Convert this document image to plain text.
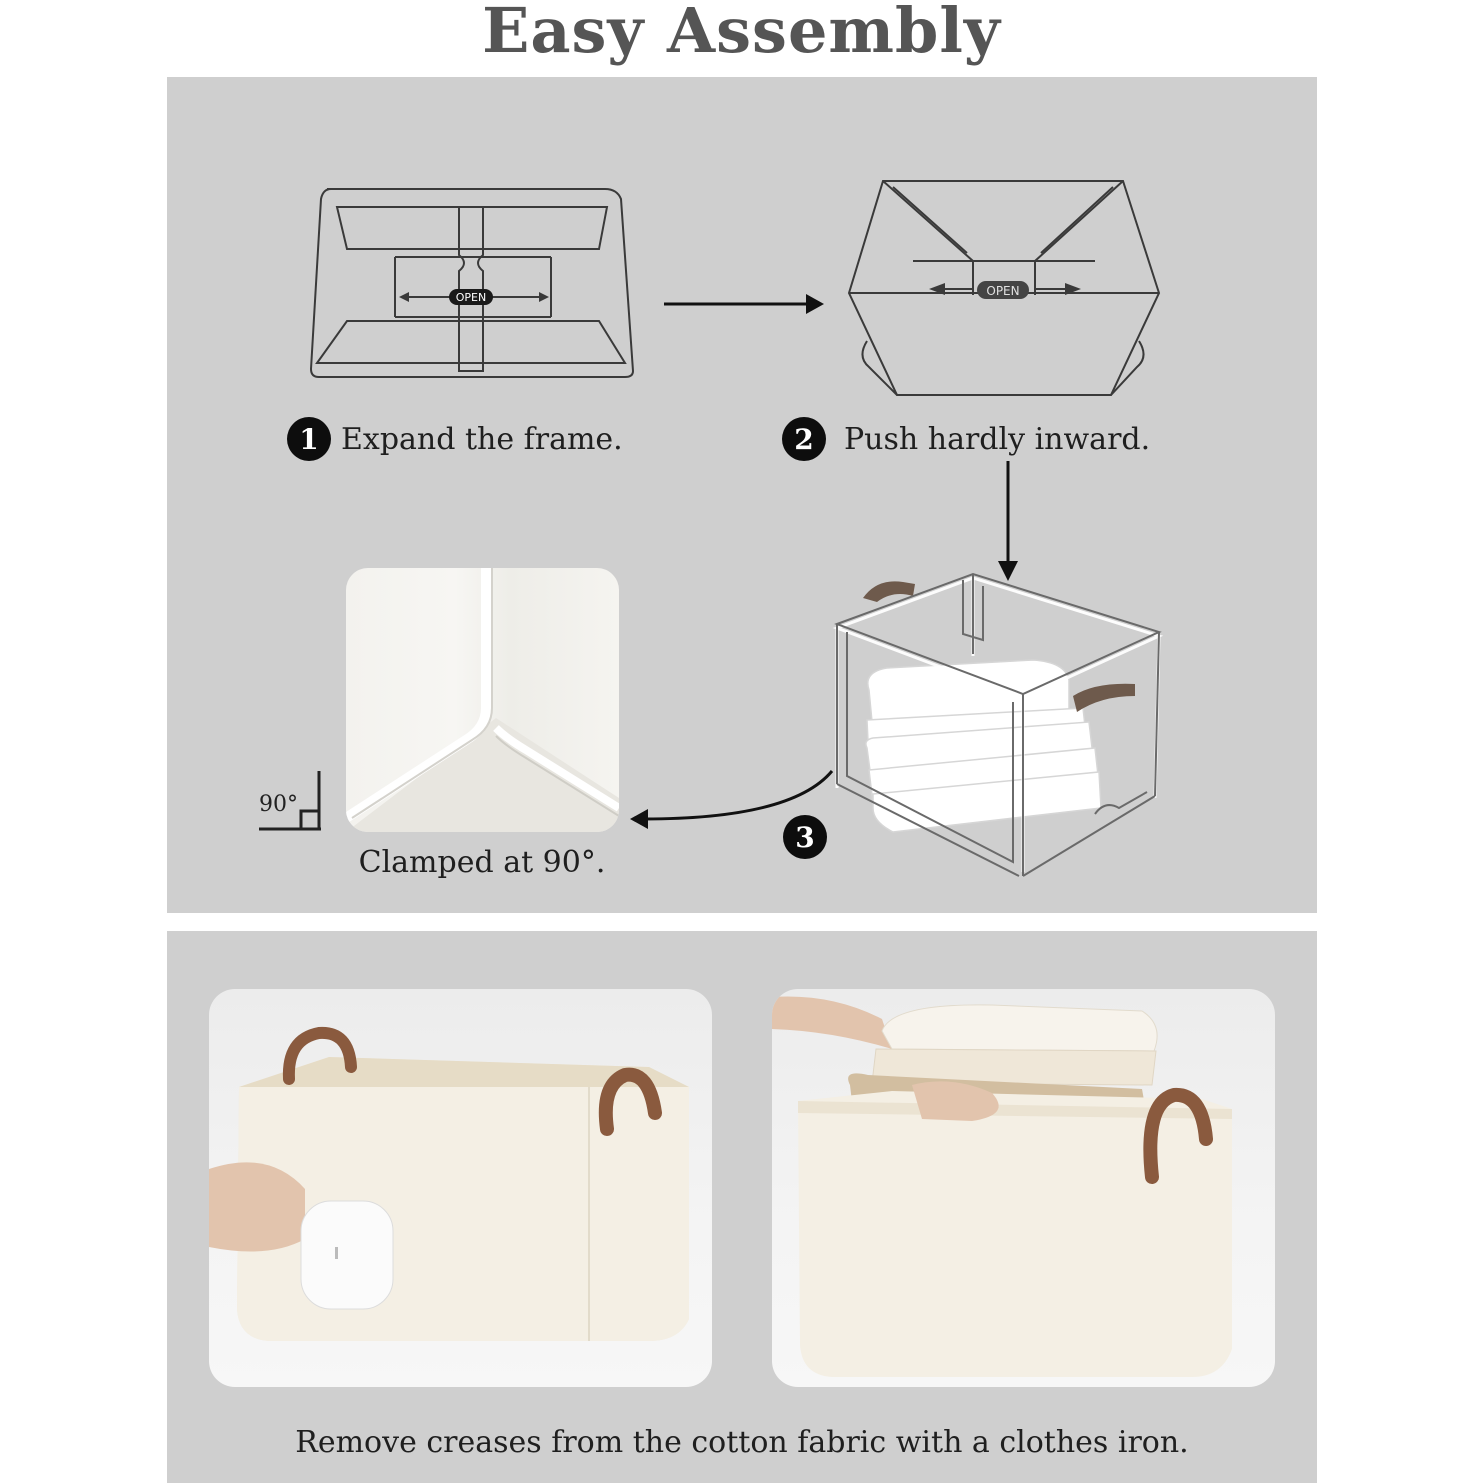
Easy Assembly
OPEN	OPEN
1 Expand the frame.	2	Push hardly inward.
3
90°
Clamped at 90°.
Remove creases from the cotton fabric with a clothes iron.
